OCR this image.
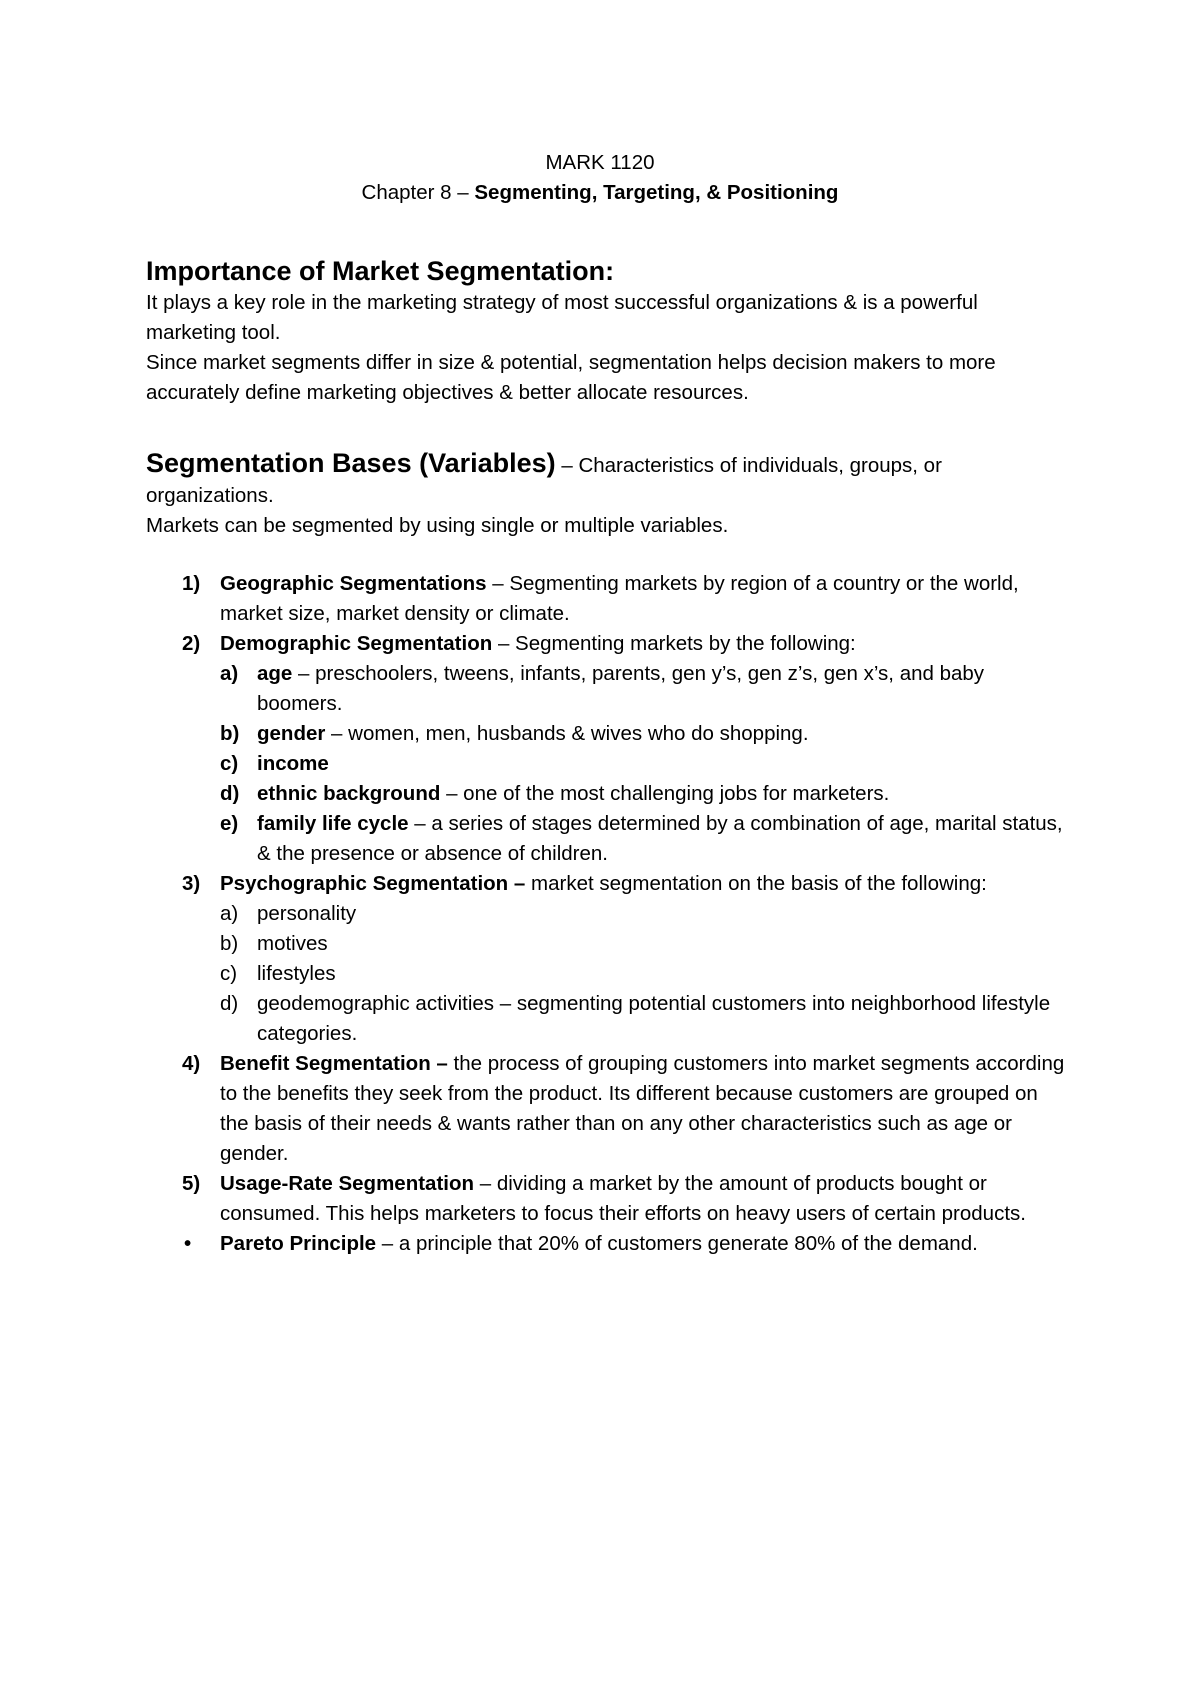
MARK 1120
Chapter 8 – Segmenting, Targeting, & Positioning
Importance of Market Segmentation:
It plays a key role in the marketing strategy of most successful organizations & is a powerful marketing tool.
Since market segments differ in size & potential, segmentation helps decision makers to more accurately define marketing objectives & better allocate resources.
Segmentation Bases (Variables) – Characteristics of individuals, groups, or organizations.
Markets can be segmented by using single or multiple variables.
1) Geographic Segmentations – Segmenting markets by region of a country or the world, market size, market density or climate.
2) Demographic Segmentation – Segmenting markets by the following:
a) age – preschoolers, tweens, infants, parents, gen y’s, gen z’s, gen x’s, and baby boomers.
b) gender – women, men, husbands & wives who do shopping.
c) income
d) ethnic background – one of the most challenging jobs for marketers.
e) family life cycle – a series of stages determined by a combination of age, marital status, & the presence or absence of children.
3) Psychographic Segmentation – market segmentation on the basis of the following:
a) personality
b) motives
c) lifestyles
d) geodemographic activities – segmenting potential customers into neighborhood lifestyle categories.
4) Benefit Segmentation – the process of grouping customers into market segments according to the benefits they seek from the product. Its different because customers are grouped on the basis of their needs & wants rather than on any other characteristics such as age or gender.
5) Usage-Rate Segmentation – dividing a market by the amount of products bought or consumed. This helps marketers to focus their efforts on heavy users of certain products.
• Pareto Principle – a principle that 20% of customers generate 80% of the demand.
